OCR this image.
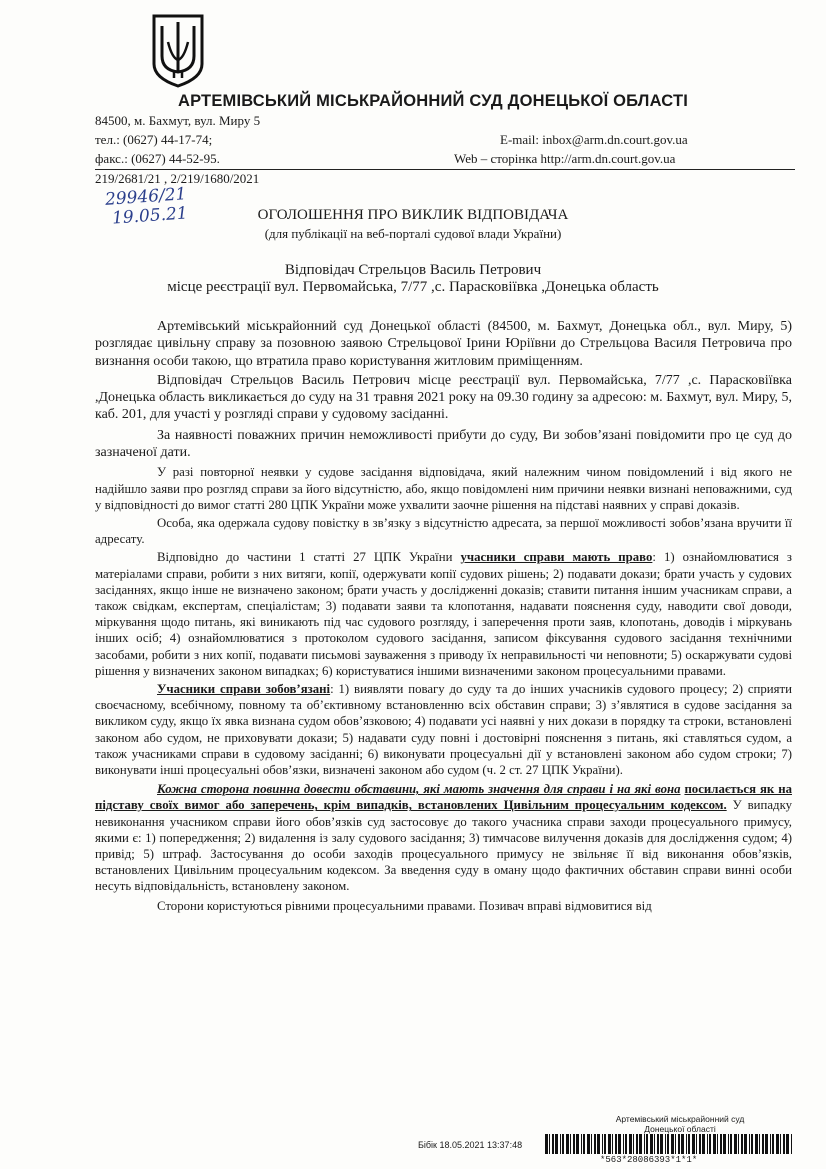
АРТЕМІВСЬКИЙ МІСЬКРАЙОННИЙ СУД ДОНЕЦЬКОЇ ОБЛАСТІ
84500, м. Бахмут, вул. Миру 5
тел.: (0627) 44-17-74;
факс.: (0627) 44-52-95.
E-mail: inbox@arm.dn.court.gov.ua
Web – сторінка http://arm.dn.court.gov.ua
219/2681/21 , 2/219/1680/2021
29946/21
19.05.21	ОГОЛОШЕННЯ ПРО ВИКЛИК ВІДПОВІДАЧА
(для публікації на веб-порталі судової влади України)
Відповідач Стрельцов Василь Петрович
місце реєстрації вул. Первомайська, 7/77 ,с. Парасковіївка ,Донецька область

Артемівський міськрайонний суд Донецької області (84500, м. Бахмут, Донецька обл., вул. Миру, 5) розглядає цивільну справу за позовною заявою Стрельцової Ірини Юріївни до Стрельцова Василя Петровича про визнання особи такою, що втратила право користування житловим приміщенням.

Відповідач Стрельцов Василь Петрович місце реєстрації вул. Первомайська, 7/77 ,с. Парасковіївка ,Донецька область викликається до суду на 31 травня 2021 року на 09.30 годину за адресою: м. Бахмут, вул. Миру, 5, каб. 201, для участі у розгляді справи у судовому засіданні.

За наявності поважних причин неможливості прибути до суду, Ви зобов’язані повідомити про це суд до зазначеної дати.

У разі повторної неявки у судове засідання відповідача, який належним чином повідомлений і від якого не надійшло заяви про розгляд справи за його відсутністю, або, якщо повідомлені ним причини неявки визнані неповажними, суд у відповідності до вимог статті 280 ЦПК України може ухвалити заочне рішення на підставі наявних у справі доказів.

Особа, яка одержала судову повістку в зв’язку з відсутністю адресата, за першої можливості зобов’язана вручити її адресату.

Відповідно до частини 1 статті 27 ЦПК України учасники справи мають право: 1) ознайомлюватися з матеріалами справи, робити з них витяги, копії, одержувати копії судових рішень; 2) подавати докази; брати участь у судових засіданнях, якщо інше не визначено законом; брати участь у дослідженні доказів; ставити питання іншим учасникам справи, а також свідкам, експертам, спеціалістам; 3) подавати заяви та клопотання, надавати пояснення суду, наводити свої доводи, міркування щодо питань, які виникають під час судового розгляду, і заперечення проти заяв, клопотань, доводів і міркувань інших осіб; 4) ознайомлюватися з протоколом судового засідання, записом фіксування судового засідання технічними засобами, робити з них копії, подавати письмові зауваження з приводу їх неправильності чи неповноти; 5) оскаржувати судові рішення у визначених законом випадках; 6) користуватися іншими визначеними законом процесуальними правами.

Учасники справи зобов’язані: 1) виявляти повагу до суду та до інших учасників судового процесу; 2) сприяти своєчасному, всебічному, повному та об’єктивному встановленню всіх обставин справи; 3) з’являтися в судове засідання за викликом суду, якщо їх явка визнана судом обов’язковою; 4) подавати усі наявні у них докази в порядку та строки, встановлені законом або судом, не приховувати докази; 5) надавати суду повні і достовірні пояснення з питань, які ставляться судом, а також учасниками справи в судовому засіданні; 6) виконувати процесуальні дії у встановлені законом або судом строки; 7) виконувати інші процесуальні обов’язки, визначені законом або судом (ч. 2 ст. 27 ЦПК України).

Кожна сторона повинна довести обставини, які мають значення для справи і на які вона посилається як на підставу своїх вимог або заперечень, крім випадків, встановлених Цивільним процесуальним кодексом. У випадку невиконання учасником справи його обов’язків суд застосовує до такого учасника справи заходи процесуального примусу, якими є: 1) попередження; 2) видалення із залу судового засідання; 3) тимчасове вилучення доказів для дослідження судом; 4) привід; 5) штраф. Застосування до особи заходів процесуального примусу не звільняє її від виконання обов’язків, встановлених Цивільним процесуальним кодексом. За введення суду в оману щодо фактичних обставин справи винні особи несуть відповідальність, встановлену законом.

Сторони користуються рівними процесуальними правами. Позивач вправі відмовитися від

Артемівський міськрайонний суд
Донецької області
Бібік 18.05.2021 13:37:48
*563*28086393*1*1*
